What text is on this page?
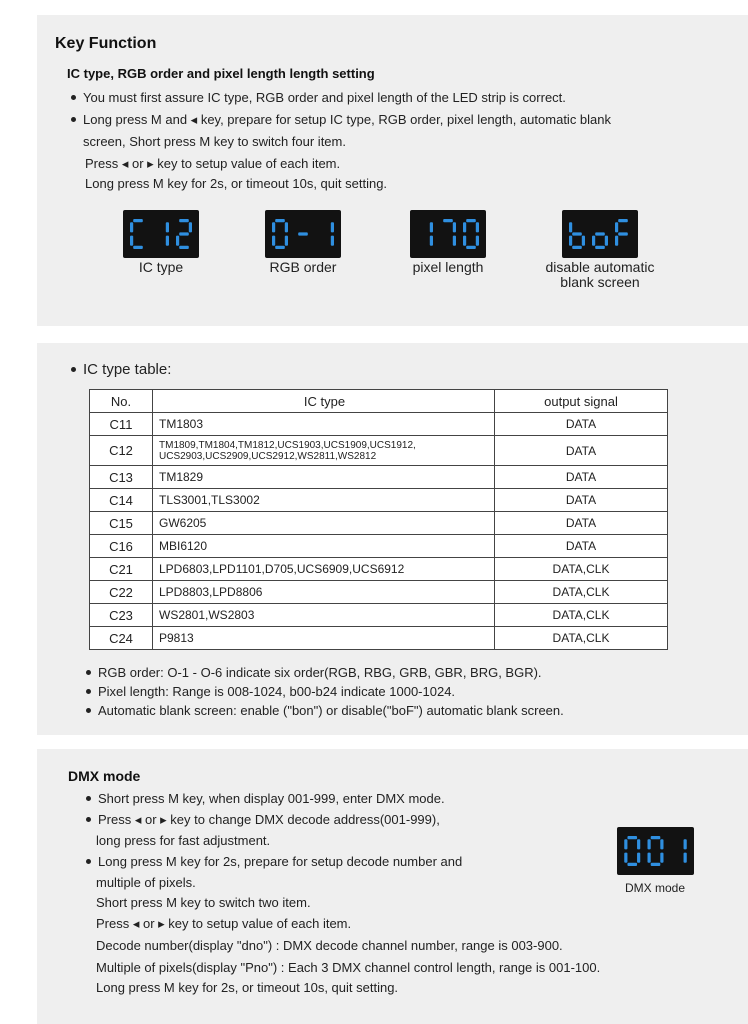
Key Function
IC type, RGB order and pixel length length setting
You must first assure IC type, RGB order and pixel length of the LED strip is correct.
Long press M and ◂ key, prepare for setup IC type, RGB order, pixel length, automatic blank
screen, Short press M key to switch four item.
Press ◂ or ▸ key to setup value of each item.
Long press M key for 2s, or timeout 10s, quit setting.
IC type	RGB order	pixel length	disable automatic
blank screen
IC type table:
No.	IC type	output signal
C11	TM1803	DATA
C12	TM1809,TM1804,TM1812,UCS1903,UCS1909,UCS1912,
UCS2903,UCS2909,UCS2912,WS2811,WS2812	DATA
C13	TM1829	DATA
C14	TLS3001,TLS3002	DATA
C15	GW6205	DATA
C16	MBI6120	DATA
C21	LPD6803,LPD1101,D705,UCS6909,UCS6912	DATA,CLK
C22	LPD8803,LPD8806	DATA,CLK
C23	WS2801,WS2803	DATA,CLK
C24	P9813	DATA,CLK
RGB order: O-1 - O-6 indicate six order(RGB, RBG, GRB, GBR, BRG, BGR).
Pixel length: Range is 008-1024, b00-b24 indicate 1000-1024.
Automatic blank screen: enable ("bon") or disable("boF") automatic blank screen.
DMX mode
Short press M key, when display 001-999, enter DMX mode.
Press ◂ or ▸ key to change DMX decode address(001-999),
long press for fast adjustment.
Long press M key for 2s, prepare for setup decode number and
multiple of pixels.
Short press M key to switch two item.
Press ◂ or ▸ key to setup value of each item.
Decode number(display "dno") : DMX decode channel number, range is 003-900.
Multiple of pixels(display "Pno") : Each 3 DMX channel control length, range is 001-100.
Long press M key for 2s, or timeout 10s, quit setting.
DMX mode
